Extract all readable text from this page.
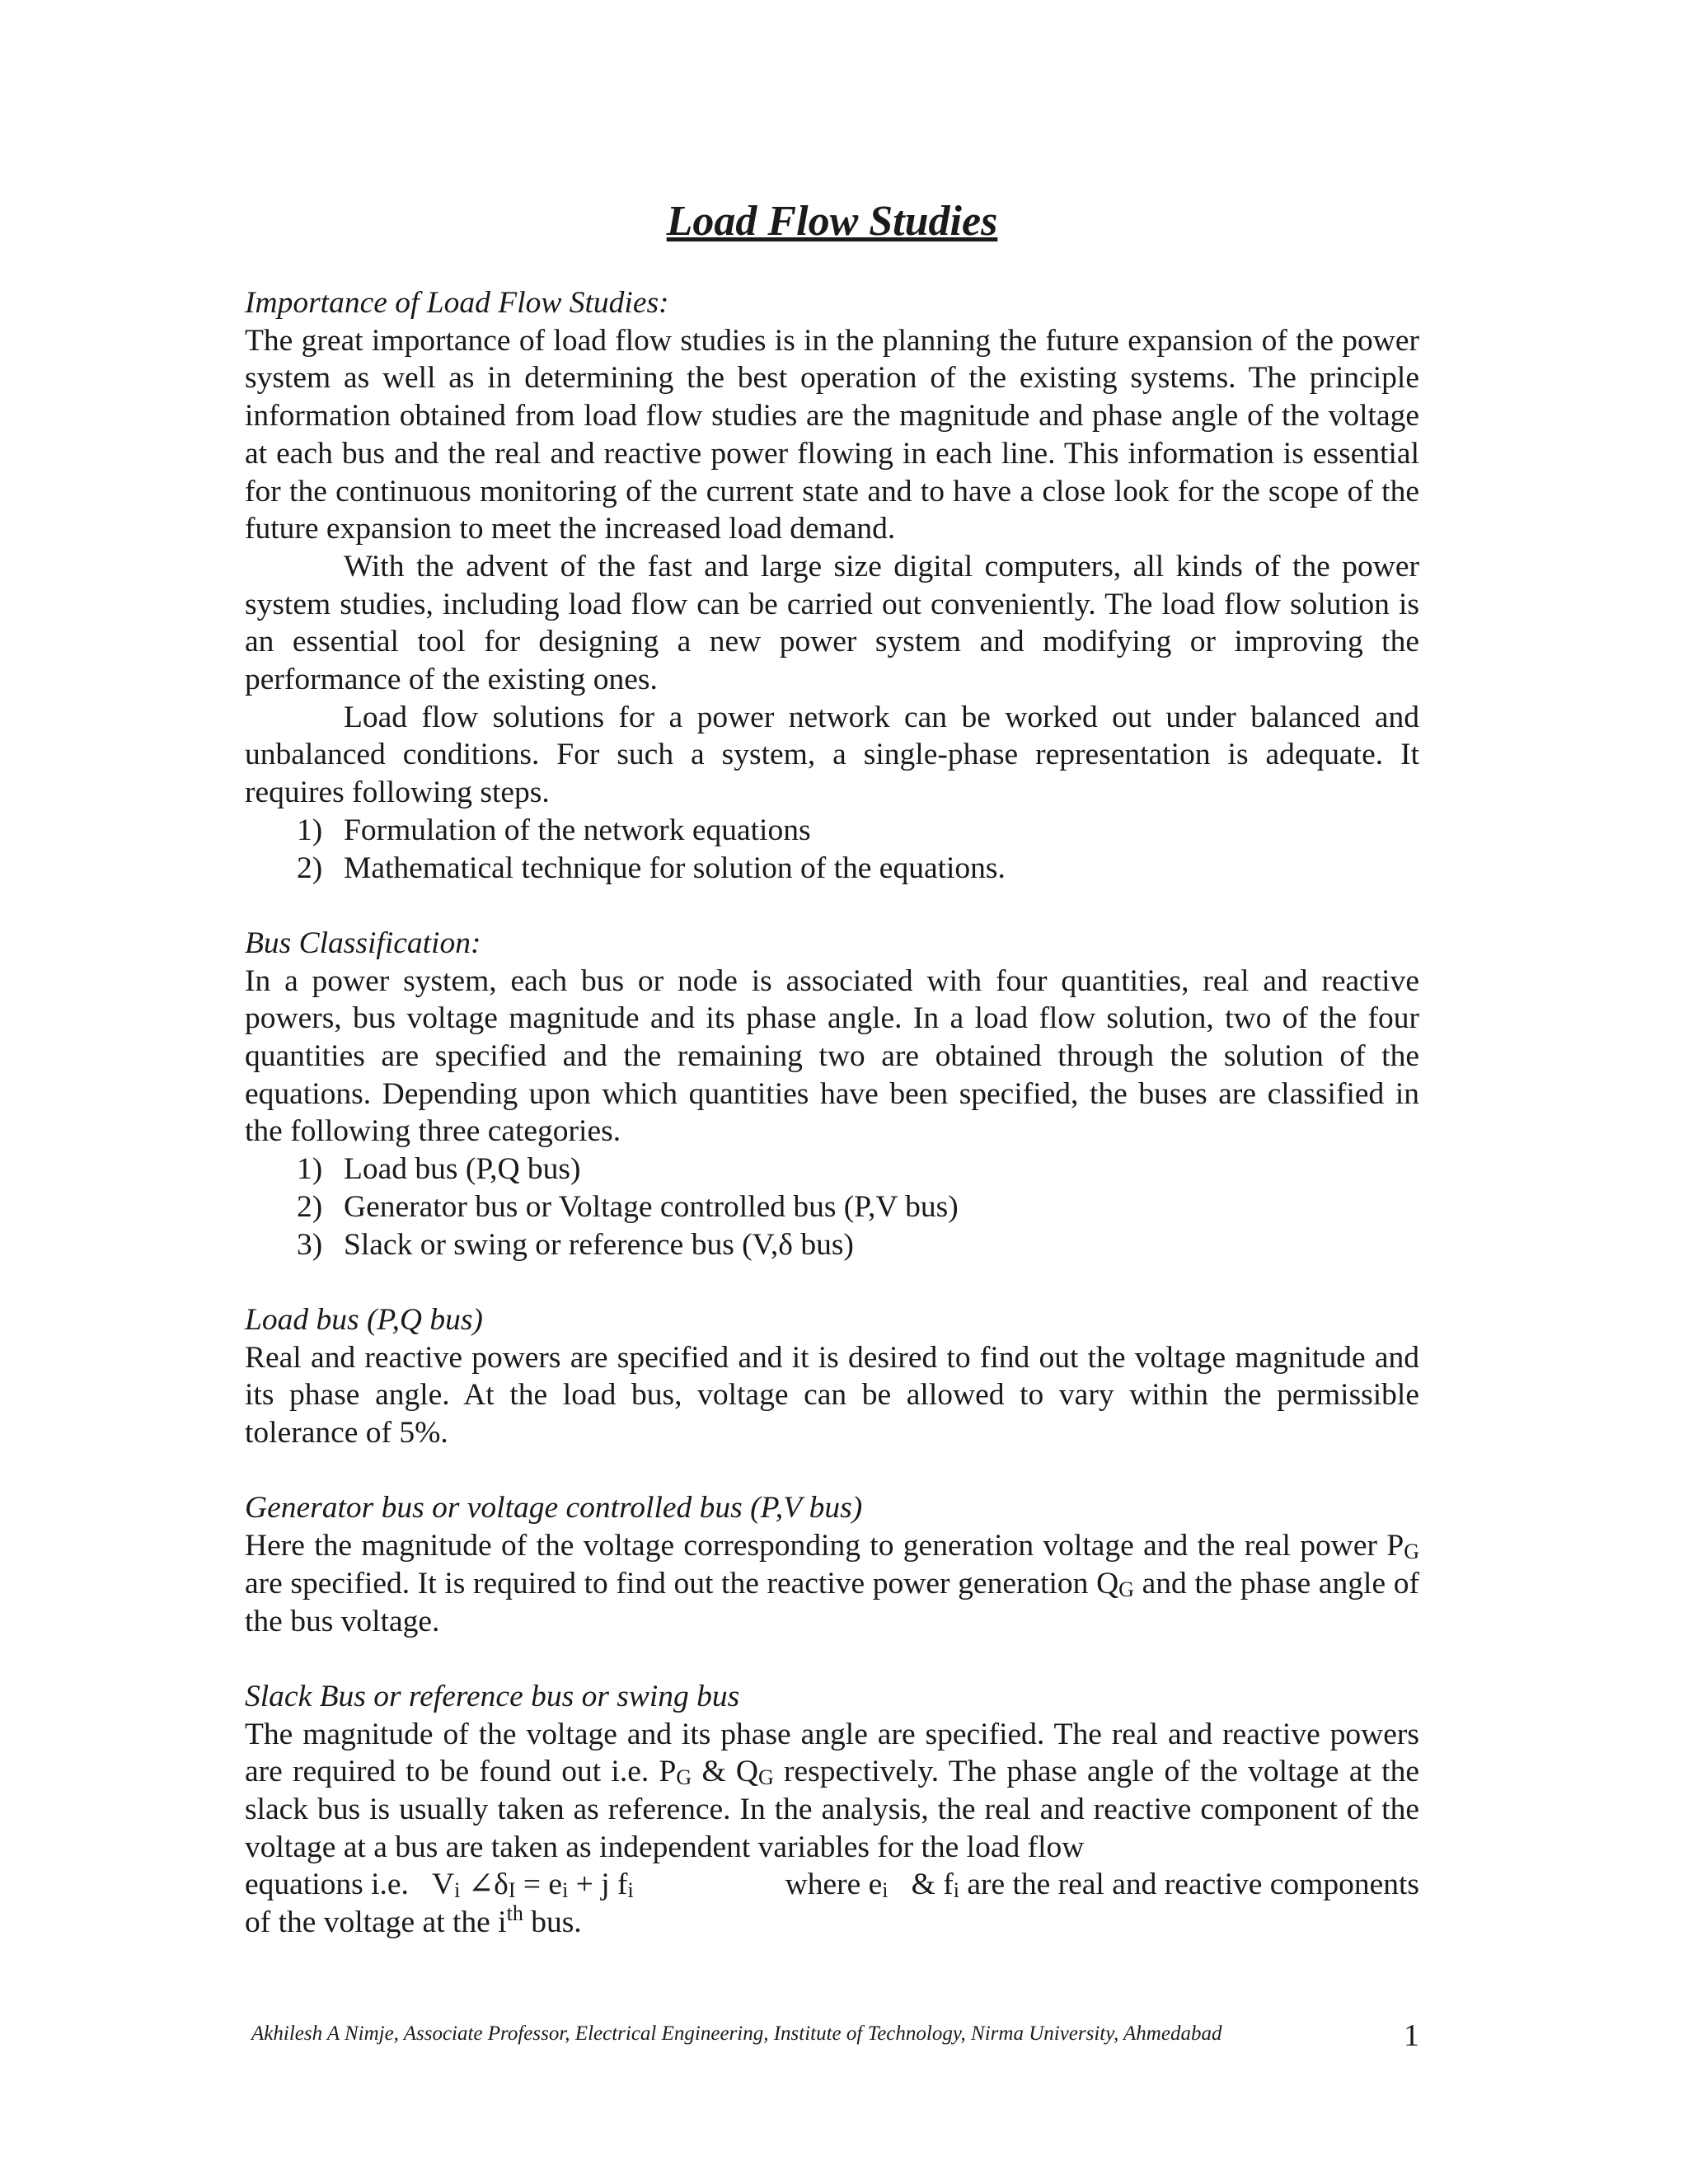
Load Flow Studies

Importance of Load Flow Studies:

The great importance of load flow studies is in the planning the future expansion of the power system as well as in determining the best operation of the existing systems. The principle information obtained from load flow studies are the magnitude and phase angle of the voltage at each bus and the real and reactive power flowing in each line. This information is essential for the continuous monitoring of the current state and to have a close look for the scope of the future expansion to meet the increased load demand.

With the advent of the fast and large size digital computers, all kinds of the power system studies, including load flow can be carried out conveniently. The load flow solution is an essential tool for designing a new power system and modifying or improving the performance of the existing ones.

Load flow solutions for a power network can be worked out under balanced and unbalanced conditions. For such a system, a single-phase representation is adequate. It requires following steps.

1) Formulation of the network equations
2) Mathematical technique for solution of the equations.

Bus Classification:

In a power system, each bus or node is associated with four quantities, real and reactive powers, bus voltage magnitude and its phase angle. In a load flow solution, two of the four quantities are specified and the remaining two are obtained through the solution of the equations. Depending upon which quantities have been specified, the buses are classified in the following three categories.

1) Load bus (P,Q bus)
2) Generator bus or Voltage controlled bus (P,V bus)
3) Slack or swing or reference bus (V,δ bus)

Load bus (P,Q bus)

Real and reactive powers are specified and it is desired to find out the voltage magnitude and its phase angle. At the load bus, voltage can be allowed to vary within the permissible tolerance of 5%.

Generator bus or voltage controlled bus (P,V bus)

Here the magnitude of the voltage corresponding to generation voltage and the real power $P_G$ are specified. It is required to find out the reactive power generation $Q_G$ and the phase angle of the bus voltage.

Slack Bus or reference bus or swing bus

The magnitude of the voltage and its phase angle are specified. The real and reactive powers are required to be found out i.e. $P_G$ & $Q_G$ respectively. The phase angle of the voltage at the slack bus is usually taken as reference. In the analysis, the real and reactive component of the voltage at a bus are taken as independent variables for the load flow

equations i.e. $V_i$ $\angle\delta_I = e_i + j$ $f_i$	where $e_i$   & $f_i$ are the real and reactive components

of the voltage at the $i^{th}$ bus.

Akhilesh A Nimje, Associate Professor, Electrical Engineering, Institute of Technology, Nirma University, Ahmedabad	1
